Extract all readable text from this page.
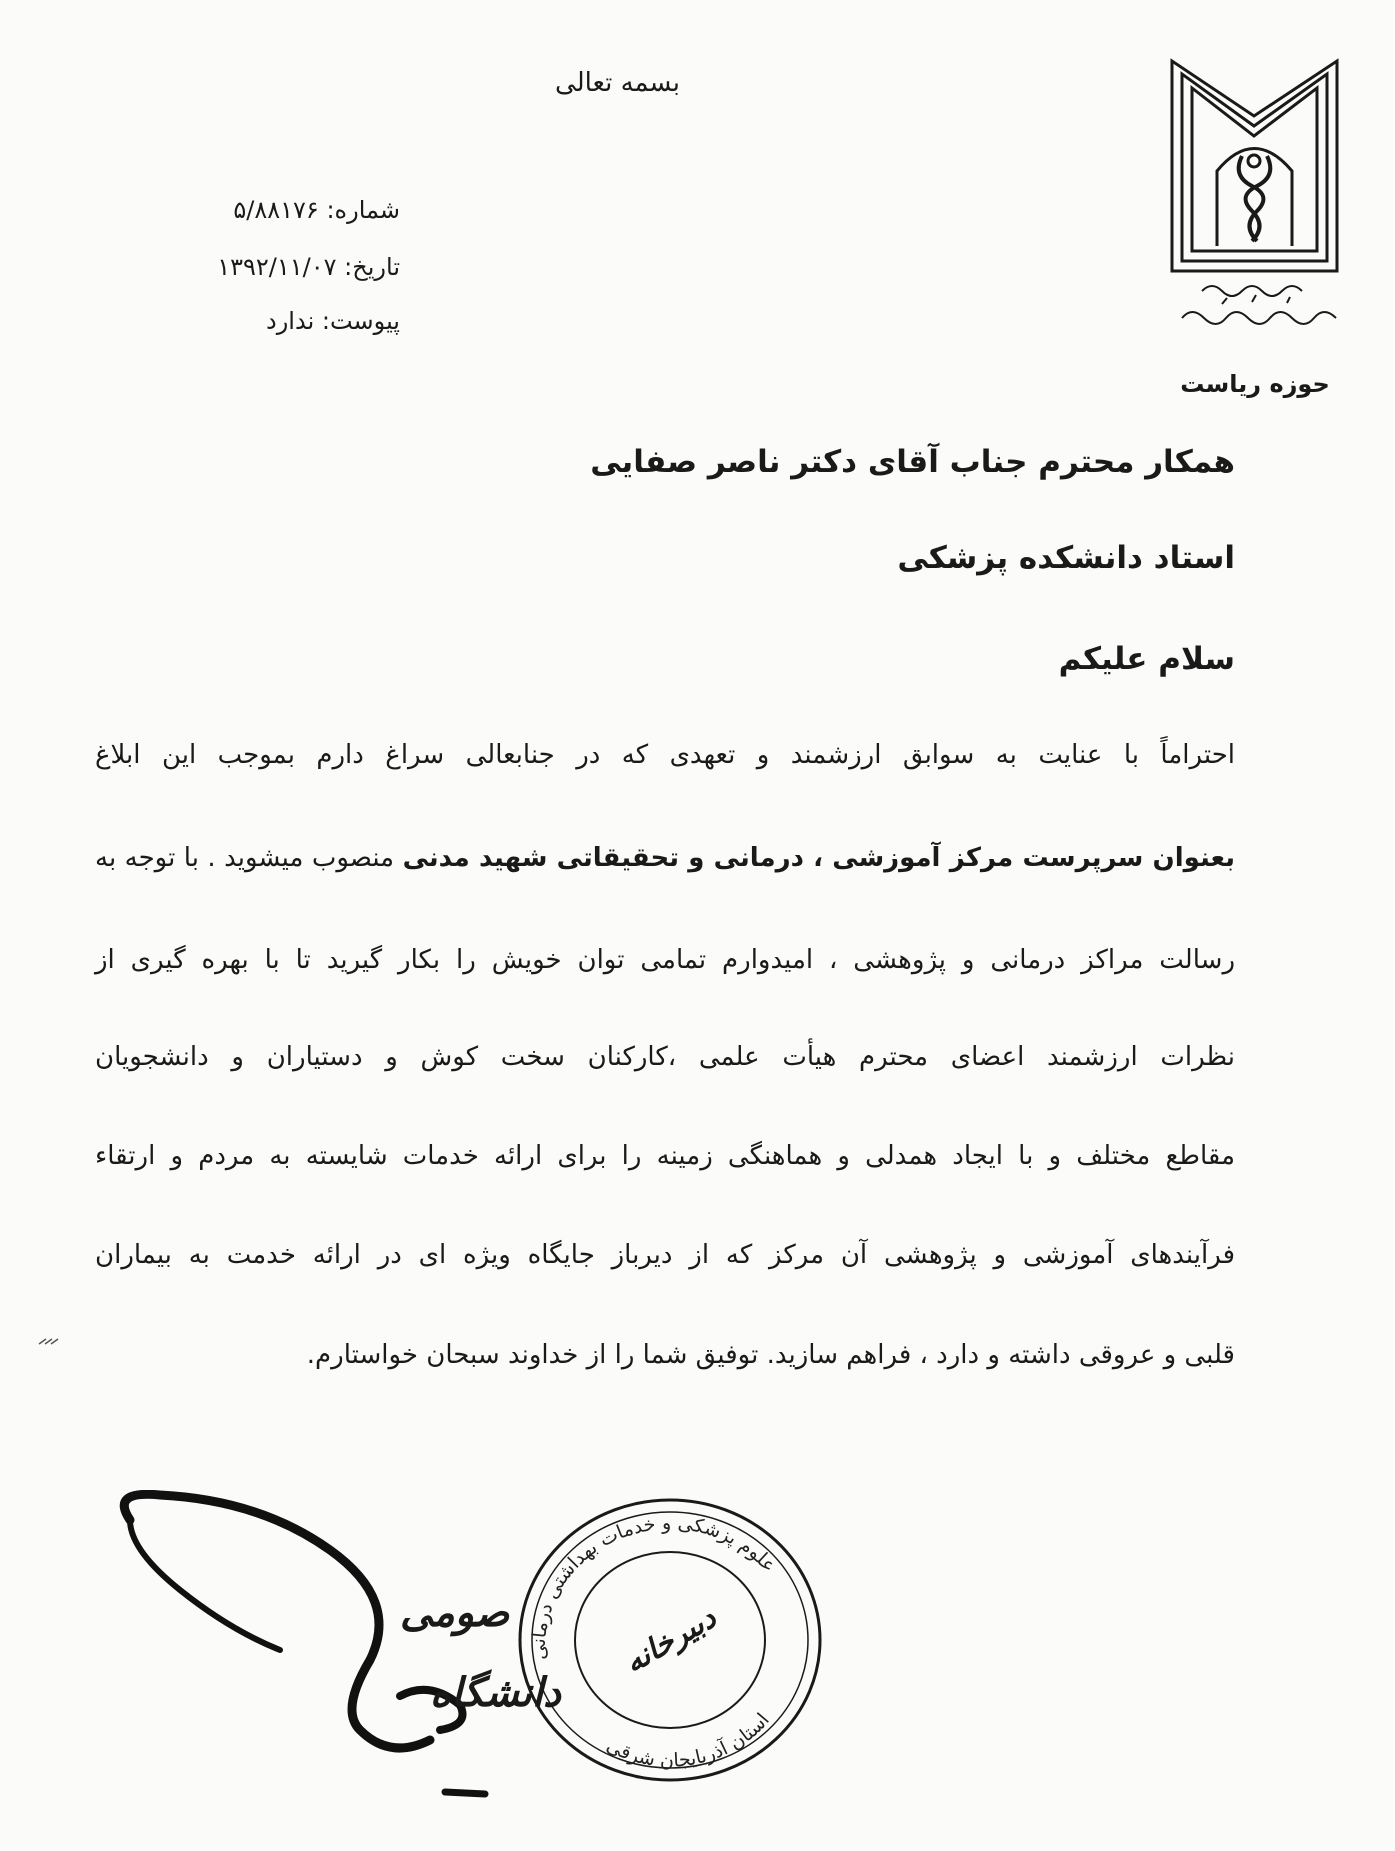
بسمه تعالی
شماره: ۵/۸۸۱۷۶
تاریخ: ۱۳۹۲/۱۱/۰۷
پیوست: ندارد
حوزه ریاست
همکار محترم جناب آقای دکتر ناصر صفایی
استاد دانشکده پزشکی
سلام علیکم
احتراماً با عنایت به سوابق ارزشمند و تعهدی که در جنابعالی سراغ دارم بموجب این ابلاغ
بعنوان سرپرست مرکز آموزشی ، درمانی و تحقیقاتی شهید مدنی منصوب میشوید . با توجه به
رسالت مراکز درمانی و پژوهشی ، امیدوارم تمامی توان خویش را بکار گیرید تا با بهره گیری از
نظرات ارزشمند اعضای محترم هیأت علمی ،کارکنان سخت کوش و دستیاران و دانشجویان
مقاطع مختلف و با ایجاد همدلی و هماهنگی زمینه را برای ارائه خدمات شایسته به مردم و ارتقاء
فرآیندهای آموزشی و پژوهشی آن مرکز که از دیرباز جایگاه ویژه ای در ارائه خدمت به بیماران
قلبی و عروقی داشته و دارد ، فراهم سازید. توفیق شما را از خداوند سبحان خواستارم.
صومی
دانشگاه
علوم پزشکی و خدمات بهداشتی درمانی
استان آذربایجان شرقی
دبیرخانه
